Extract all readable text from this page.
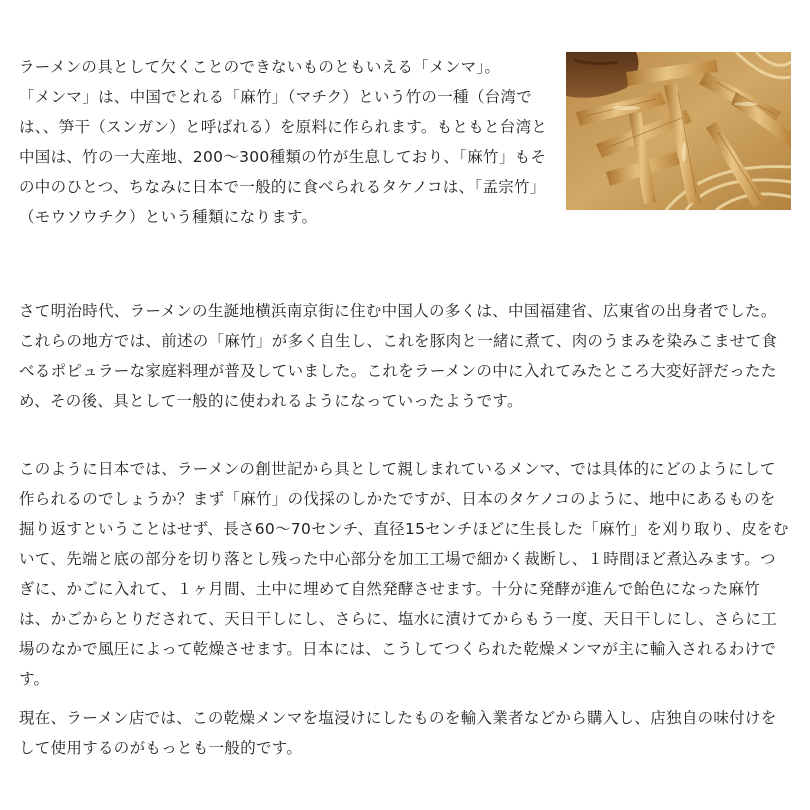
ラーメンの具として欠くことのできないものともいえる「メンマ」。
「メンマ」は、中国でとれる「麻竹」（マチク）という竹の一種（台湾では、、笋干（スンガン）と呼ばれる）を原料に作られます。もともと台湾と中国は、竹の一大産地、200〜300種類の竹が生息しており、「麻竹」もその中のひとつ、ちなみに日本で一般的に食べられるタケノコは、「孟宗竹」（モウソウチク）という種類になります。

さて明治時代、ラーメンの生誕地横浜南京街に住む中国人の多くは、中国福建省、広東省の出身者でした。これらの地方では、前述の「麻竹」が多く自生し、これを豚肉と一緒に煮て、肉のうまみを染みこませて食べるポピュラーな家庭料理が普及していました。これをラーメンの中に入れてみたところ大変好評だったため、その後、具として一般的に使われるようになっていったようです。

このように日本では、ラーメンの創世記から具として親しまれているメンマ、では具体的にどのようにして作られるのでしょうか？まず「麻竹」の伐採のしかたですが、日本のタケノコのように、地中にあるものを掘り返すということはせず、長さ60〜70センチ、直径15センチほどに生長した「麻竹」を刈り取り、皮をむいて、先端と底の部分を切り落とし残った中心部分を加工工場で細かく裁断し、１時間ほど煮込みます。つぎに、かごに入れて、１ヶ月間、土中に埋めて自然発酵させます。十分に発酵が進んで飴色になった麻竹は、かごからとりだされて、天日干しにし、さらに、塩水に漬けてからもう一度、天日干しにし、さらに工場のなかで風圧によって乾燥させます。日本には、こうしてつくられた乾燥メンマが主に輸入されるわけです。

現在、ラーメン店では、この乾燥メンマを塩浸けにしたものを輸入業者などから購入し、店独自の味付けをして使用するのがもっとも一般的です。
